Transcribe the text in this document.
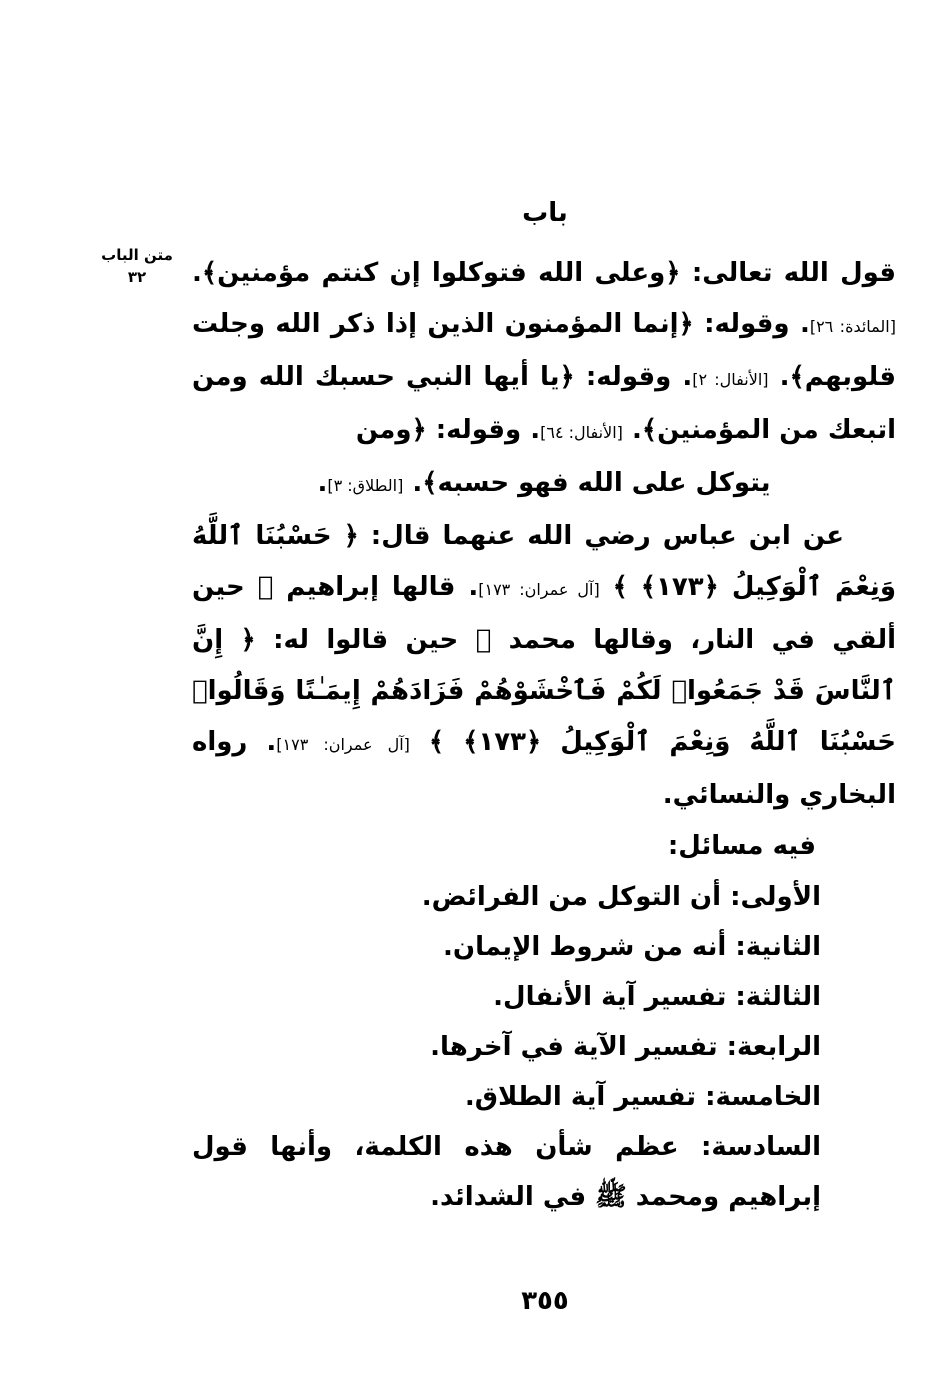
باب
متن الباب
٣٢	قول الله تعالى: ﴿وعلى الله فتوكلوا إن كنتم مؤمنين﴾. [المائدة: ٢٦]. وقوله: ﴿إنما المؤمنون الذين إذا ذكر الله وجلت قلوبهم﴾. [الأنفال: ٢]. وقوله: ﴿يا أيها النبي حسبك الله ومن اتبعك من المؤمنين﴾. [الأنفال: ٦٤]. وقوله: ﴿ومن

يتوكل على الله فهو حسبه﴾. [الطلاق: ٣].

عن ابن عباس رضي الله عنهما قال: ﴿ حَسْبُنَا ٱللَّهُ وَنِعْمَ ٱلْوَكِيلُ ﴿١٧٣﴾ ﴾ [آل عمران: ١٧٣]. قالها إبراهيم ﷺ حين ألقي في النار، وقالها محمد ﷺ حين قالوا له: ﴿ إِنَّ ٱلنَّاسَ قَدْ جَمَعُوا۟ لَكُمْ فَٱخْشَوْهُمْ فَزَادَهُمْ إِيمَـٰنًا وَقَالُوا۟ حَسْبُنَا ٱللَّهُ وَنِعْمَ ٱلْوَكِيلُ ﴿١٧٣﴾ ﴾ [آل عمران: ١٧٣]. رواه البخاري والنسائي.

فيه مسائل:

الأولى: أن التوكل من الفرائض.

الثانية: أنه من شروط الإيمان.

الثالثة: تفسير آية الأنفال.

الرابعة: تفسير الآية في آخرها.

الخامسة: تفسير آية الطلاق.

السادسة: عظم شأن هذه الكلمة، وأنها قول إبراهيم ومحمد ﷺ في الشدائد.

٣٥٥
